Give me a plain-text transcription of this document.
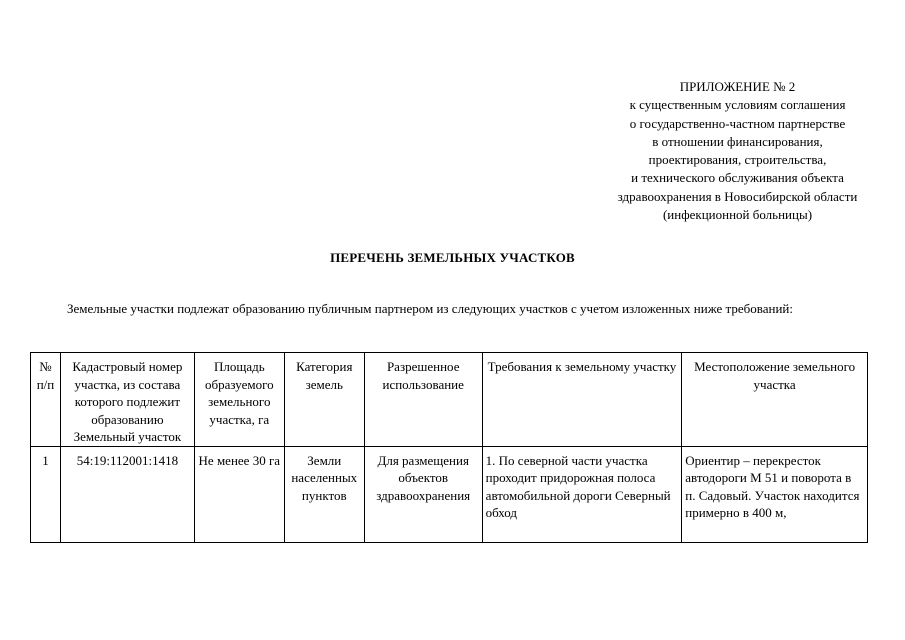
ПРИЛОЖЕНИЕ № 2
к существенным условиям соглашения
о государственно-частном партнерстве
в отношении финансирования,
проектирования, строительства,
и технического обслуживания объекта
здравоохранения в Новосибирской области
(инфекционной больницы)
ПЕРЕЧЕНЬ ЗЕМЕЛЬНЫХ УЧАСТКОВ
Земельные участки подлежат образованию публичным партнером из следующих участков с учетом изложенных ниже требований:
№ п/п	Кадастровый номер участка, из состава которого подлежит образованию Земельный участок	Площадь образуемого земельного участка, га	Категория земель	Разрешенное использование	Требования к земельному участку	Местоположение земельного участка
1	54:19:112001:1418	Не менее 30 га	Земли населенных пунктов	Для размещения объектов здравоохранения	1. По северной части участка проходит придорожная полоса автомобильной дороги Северный обход	Ориентир – перекресток автодороги М 51 и поворота в п. Садовый. Участок находится примерно в 400 м,
